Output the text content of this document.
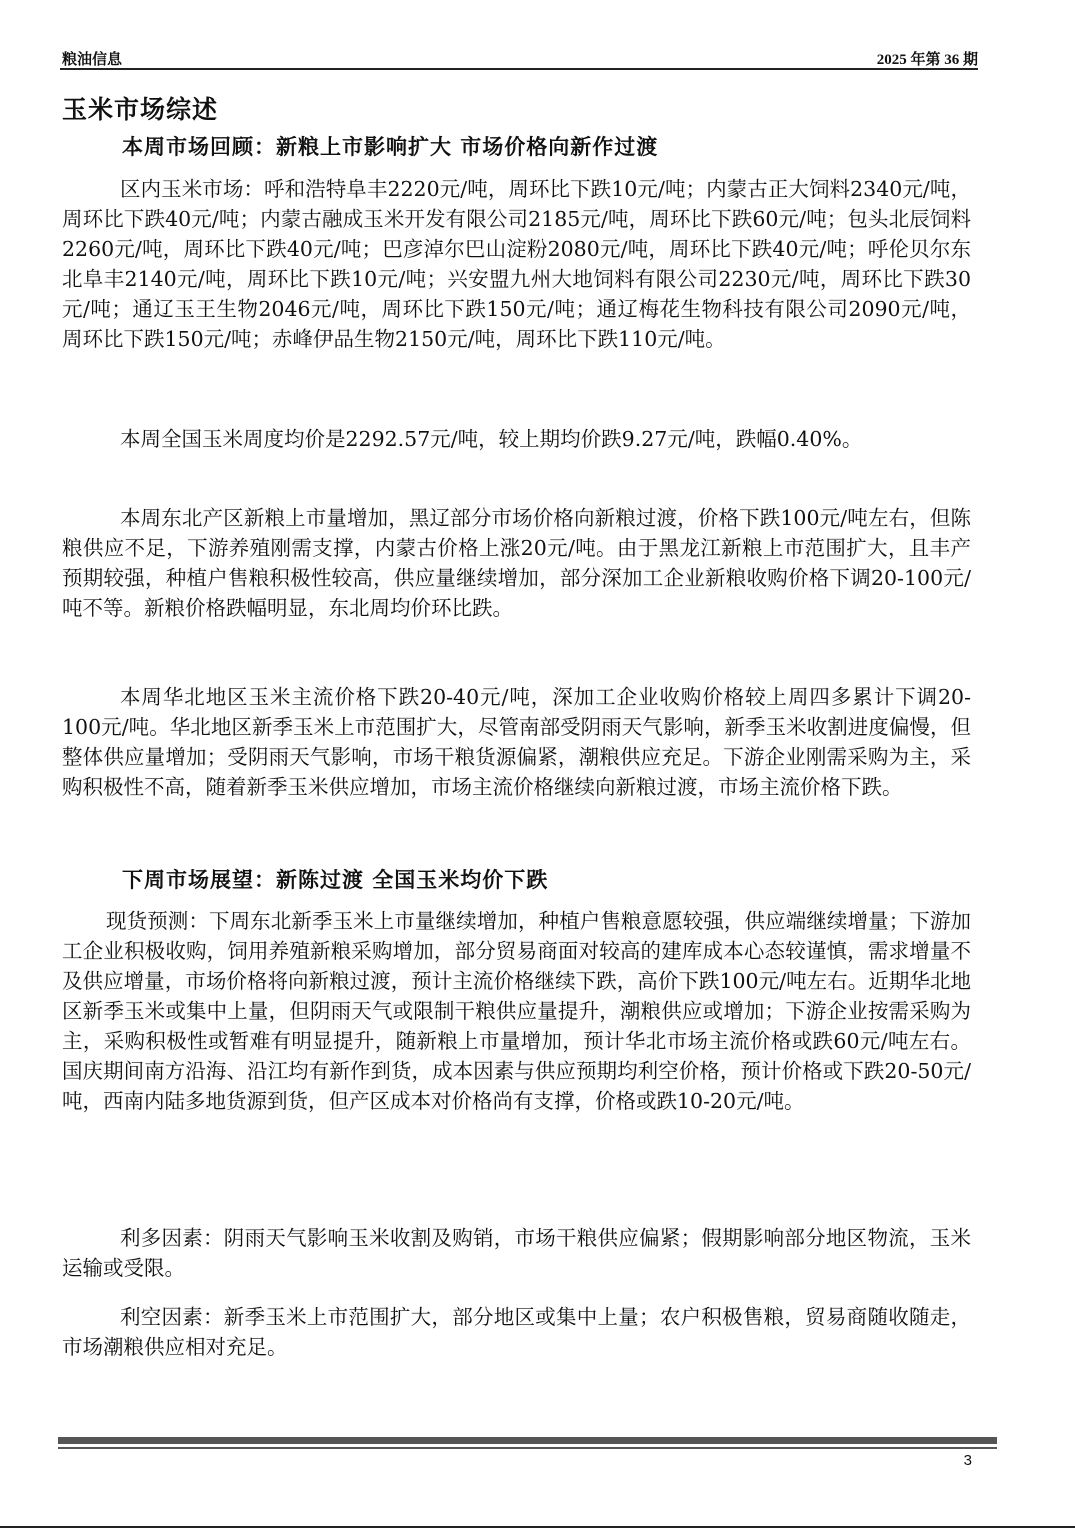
粮油信息	2025 年第 36 期
玉米市场综述
本周市场回顾：新粮上市影响扩大 市场价格向新作过渡

区内玉米市场：呼和浩特阜丰2220元/吨，周环比下跌10元/吨；内蒙古正大饲料2340元/吨，周环比下跌40元/吨；内蒙古融成玉米开发有限公司2185元/吨，周环比下跌60元/吨；包头北辰饲料2260元/吨，周环比下跌40元/吨；巴彦淖尔巴山淀粉2080元/吨，周环比下跌40元/吨；呼伦贝尔东北阜丰2140元/吨，周环比下跌10元/吨；兴安盟九州大地饲料有限公司2230元/吨，周环比下跌30元/吨；通辽玉王生物2046元/吨，周环比下跌150元/吨；通辽梅花生物科技有限公司2090元/吨，周环比下跌150元/吨；赤峰伊品生物2150元/吨，周环比下跌110元/吨。

本周全国玉米周度均价是2292.57元/吨，较上期均价跌9.27元/吨，跌幅0.40%。

本周东北产区新粮上市量增加，黑辽部分市场价格向新粮过渡，价格下跌100元/吨左右，但陈粮供应不足，下游养殖刚需支撑，内蒙古价格上涨20元/吨。由于黑龙江新粮上市范围扩大，且丰产预期较强，种植户售粮积极性较高，供应量继续增加，部分深加工企业新粮收购价格下调20-100元/吨不等。新粮价格跌幅明显，东北周均价环比跌。

本周华北地区玉米主流价格下跌20-40元/吨，深加工企业收购价格较上周四多累计下调20-100元/吨。华北地区新季玉米上市范围扩大，尽管南部受阴雨天气影响，新季玉米收割进度偏慢，但整体供应量增加；受阴雨天气影响，市场干粮货源偏紧，潮粮供应充足。下游企业刚需采购为主，采购积极性不高，随着新季玉米供应增加，市场主流价格继续向新粮过渡，市场主流价格下跌。

下周市场展望：新陈过渡 全国玉米均价下跌

现货预测：下周东北新季玉米上市量继续增加，种植户售粮意愿较强，供应端继续增量；下游加工企业积极收购，饲用养殖新粮采购增加，部分贸易商面对较高的建库成本心态较谨慎，需求增量不及供应增量，市场价格将向新粮过渡，预计主流价格继续下跌，高价下跌100元/吨左右。近期华北地区新季玉米或集中上量，但阴雨天气或限制干粮供应量提升，潮粮供应或增加；下游企业按需采购为主，采购积极性或暂难有明显提升，随新粮上市量增加，预计华北市场主流价格或跌60元/吨左右。国庆期间南方沿海、沿江均有新作到货，成本因素与供应预期均利空价格，预计价格或下跌20-50元/吨，西南内陆多地货源到货，但产区成本对价格尚有支撑，价格或跌10-20元/吨。

利多因素：阴雨天气影响玉米收割及购销，市场干粮供应偏紧；假期影响部分地区物流，玉米运输或受限。

利空因素：新季玉米上市范围扩大，部分地区或集中上量；农户积极售粮，贸易商随收随走，市场潮粮供应相对充足。

3
